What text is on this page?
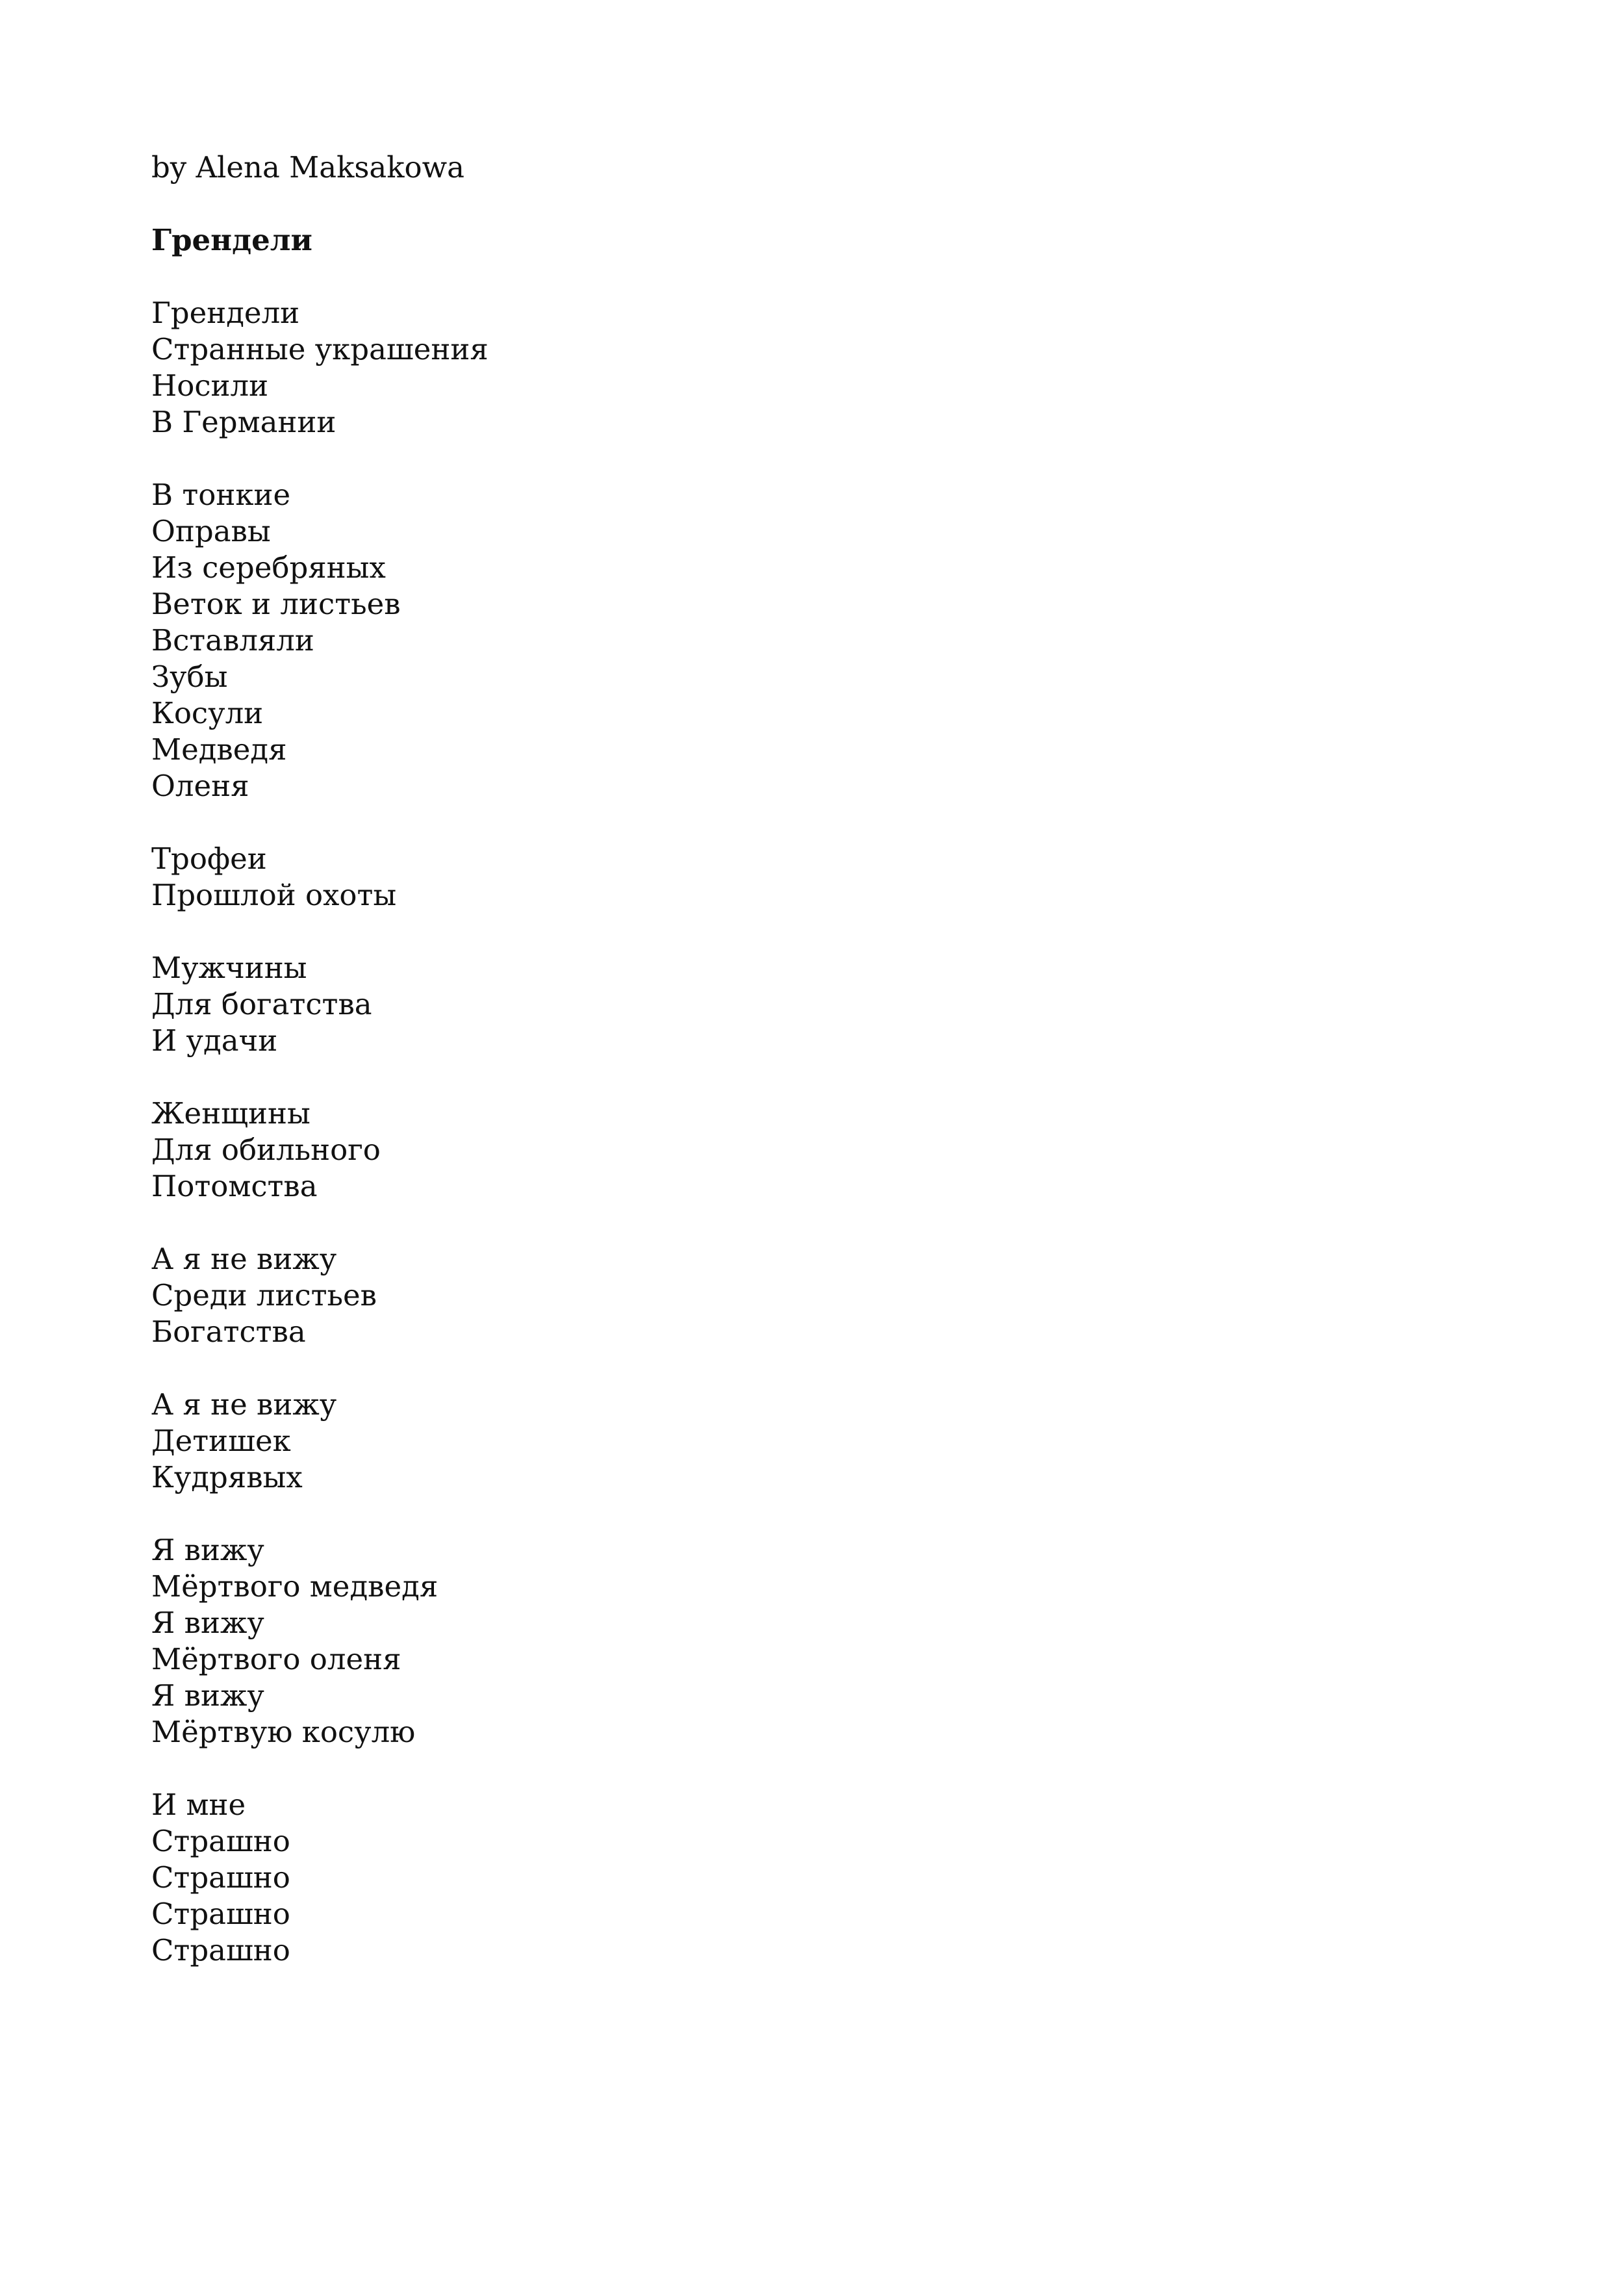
by Alena Maksakowa
Грендели
Грендели
Странные украшения
Носили
В Германии
В тонкие
Оправы
Из серебряных
Веток и листьев
Вставляли
Зубы
Косули
Медведя
Оленя
Трофеи
Прошлой охоты
Мужчины
Для богатства
И удачи
Женщины
Для обильного
Потомства
А я не вижу
Среди листьев
Богатства
А я не вижу
Детишек
Кудрявых
Я вижу
Мёртвого медведя
Я вижу
Мёртвого оленя
Я вижу
Мёртвую косулю
И мне
Страшно
Страшно
Страшно
Страшно
